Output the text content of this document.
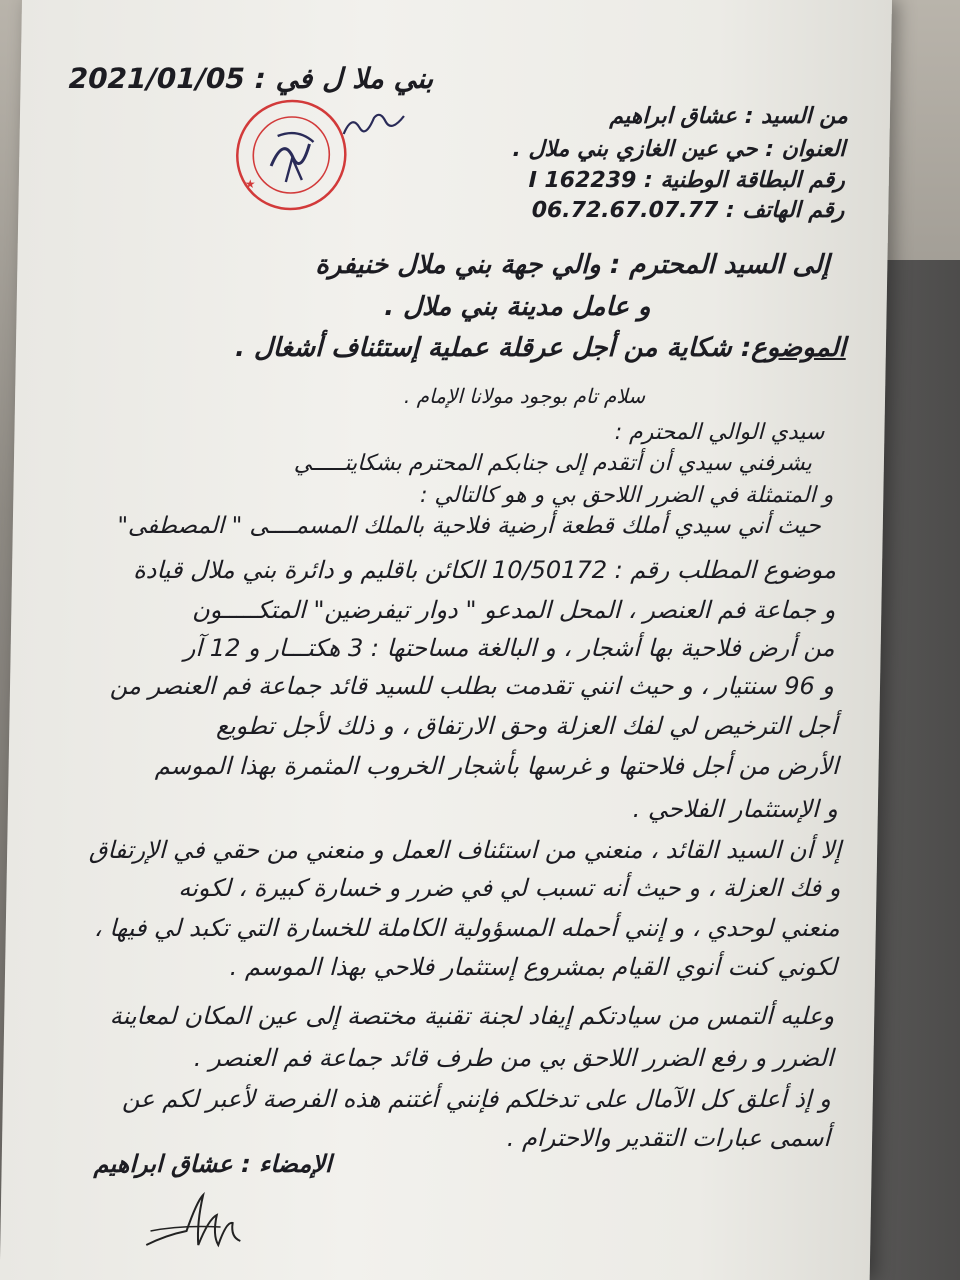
بني ملا ل في : 2021/01/05
من السيد : عشاق ابراهيم
العنوان : حي عين الغازي بني ملال .
رقم البطاقة الوطنية : I 162239
رقم الهاتف : 06.72.67.07.77
★
إلى السيد المحترم : والي جهة بني ملال خنيفرة
و عامل مدينة بني ملال .
الموضوع: شكاية من أجل عرقلة عملية إستئناف أشغال .
سلام تام بوجود مولانا الإمام .
سيدي الوالي المحترم :
يشرفني سيدي أن أتقدم إلى جنابكم المحترم بشكايتـــــي
و المتمثلة في الضرر اللاحق بي و هو كالتالي :
حيث أني سيدي أملك قطعة أرضية فلاحية بالملك المسمــــى " المصطفى"
موضوع المطلب رقم : 10/50172 الكائن باقليم و دائرة بني ملال قيادة
و جماعة فم العنصر ، المحل المدعو " دوار تيفرضين" المتكـــــون
من أرض فلاحية بها أشجار ، و البالغة مساحتها : 3 هكتـــار و 12 آر
و 96 سنتيار ، و حيث انني تقدمت بطلب للسيد قائد جماعة فم العنصر من
أجل الترخيص لي لفك العزلة وحق الارتفاق ، و ذلك لأجل تطويع
الأرض من أجل فلاحتها و غرسها بأشجار الخروب المثمرة بهذا الموسم
و الإستثمار الفلاحي .
إلا أن السيد القائد ، منعني من استئناف العمل و منعني من حقي في الإرتفاق
و فك العزلة ، و حيث أنه تسبب لي في ضرر و خسارة كبيرة ، لكونه
منعني لوحدي ، و إنني أحمله المسؤولية الكاملة للخسارة التي تكبد لي فيها ،
لكوني كنت أنوي القيام بمشروع إستثمار فلاحي بهذا الموسم .
وعليه ألتمس من سيادتكم إيفاد لجنة تقنية مختصة إلى عين المكان لمعاينة
الضرر و رفع الضرر اللاحق بي من طرف قائد جماعة فم العنصر .
و إذ أعلق كل الآمال على تدخلكم فإنني أغتنم هذه الفرصة لأعبر لكم عن
أسمى عبارات التقدير والاحترام .
الإمضاء : عشاق ابراهيم
